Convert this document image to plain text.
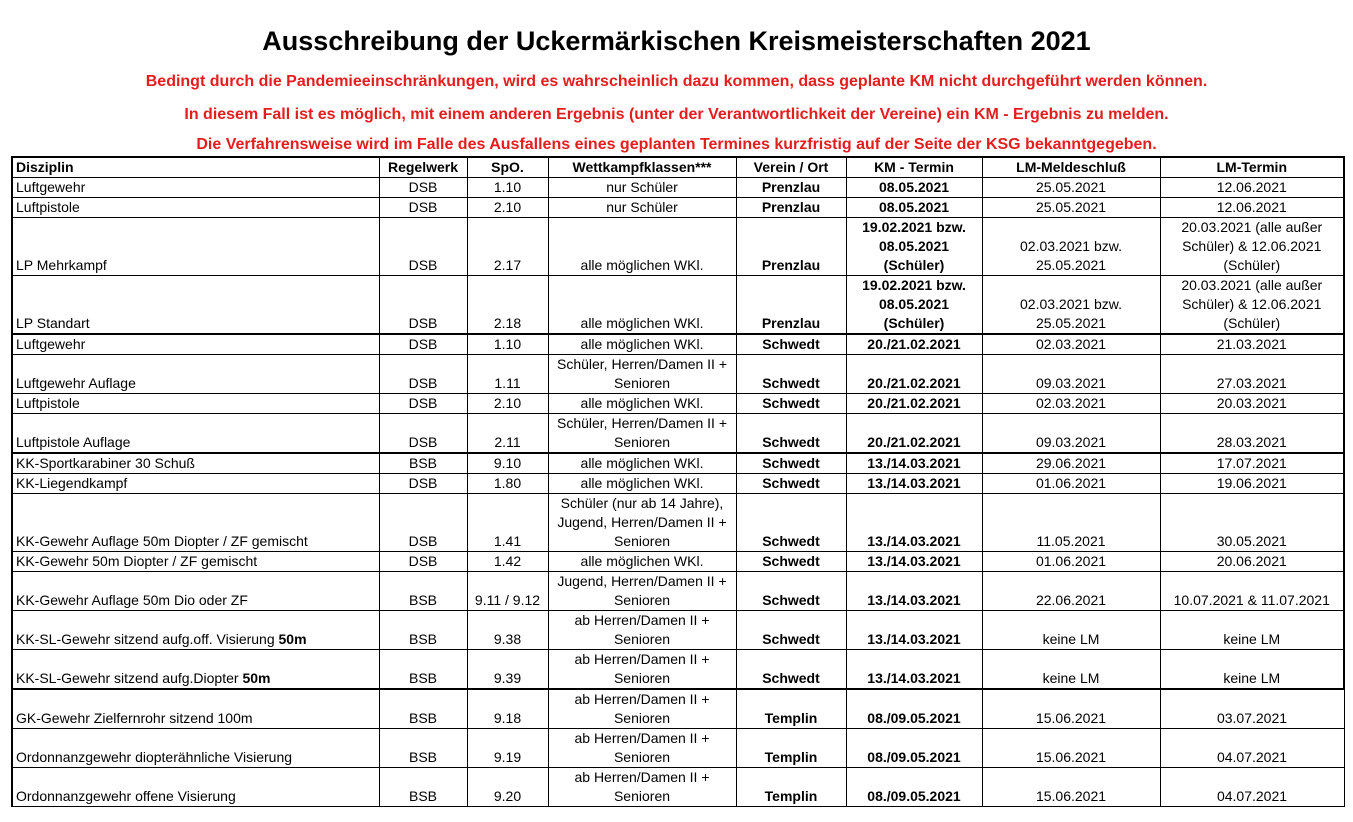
Ausschreibung der Uckermärkischen Kreismeisterschaften 2021
Bedingt durch die Pandemieeinschränkungen, wird es wahrscheinlich dazu kommen, dass geplante KM nicht durchgeführt werden können.
In diesem Fall ist es möglich, mit einem anderen Ergebnis (unter der Verantwortlichkeit der Vereine) ein KM - Ergebnis zu melden.
Die Verfahrensweise wird im Falle des Ausfallens eines geplanten Termines kurzfristig auf der Seite der KSG bekanntgegeben.
Disziplin	Regelwerk	SpO.	Wettkampfklassen***	Verein / Ort	KM - Termin	LM-Meldeschluß	LM-Termin
Luftgewehr	DSB	1.10	nur Schüler	Prenzlau	08.05.2021	25.05.2021	12.06.2021
Luftpistole	DSB	2.10	nur Schüler	Prenzlau	08.05.2021	25.05.2021	12.06.2021
LP Mehrkampf	DSB	2.17	alle möglichen WKl.	Prenzlau	19.02.2021 bzw. 08.05.2021 (Schüler)	02.03.2021 bzw. 25.05.2021	20.03.2021 (alle außer Schüler) & 12.06.2021 (Schüler)
LP Standart	DSB	2.18	alle möglichen WKl.	Prenzlau	19.02.2021 bzw. 08.05.2021 (Schüler)	02.03.2021 bzw. 25.05.2021	20.03.2021 (alle außer Schüler) & 12.06.2021 (Schüler)
Luftgewehr	DSB	1.10	alle möglichen WKl.	Schwedt	20./21.02.2021	02.03.2021	21.03.2021
Luftgewehr Auflage	DSB	1.11	Schüler, Herren/Damen II + Senioren	Schwedt	20./21.02.2021	09.03.2021	27.03.2021
Luftpistole	DSB	2.10	alle möglichen WKl.	Schwedt	20./21.02.2021	02.03.2021	20.03.2021
Luftpistole Auflage	DSB	2.11	Schüler, Herren/Damen II + Senioren	Schwedt	20./21.02.2021	09.03.2021	28.03.2021
KK-Sportkarabiner 30 Schuß	BSB	9.10	alle möglichen WKl.	Schwedt	13./14.03.2021	29.06.2021	17.07.2021
KK-Liegendkampf	DSB	1.80	alle möglichen WKl.	Schwedt	13./14.03.2021	01.06.2021	19.06.2021
KK-Gewehr Auflage 50m Diopter / ZF gemischt	DSB	1.41	Schüler (nur ab 14 Jahre), Jugend, Herren/Damen II + Senioren	Schwedt	13./14.03.2021	11.05.2021	30.05.2021
KK-Gewehr 50m Diopter / ZF gemischt	DSB	1.42	alle möglichen WKl.	Schwedt	13./14.03.2021	01.06.2021	20.06.2021
KK-Gewehr Auflage 50m Dio oder ZF	BSB	9.11 / 9.12	Jugend, Herren/Damen II + Senioren	Schwedt	13./14.03.2021	22.06.2021	10.07.2021 & 11.07.2021
KK-SL-Gewehr sitzend aufg.off. Visierung 50m	BSB	9.38	ab Herren/Damen II + Senioren	Schwedt	13./14.03.2021	keine LM	keine LM
KK-SL-Gewehr sitzend aufg.Diopter 50m	BSB	9.39	ab Herren/Damen II + Senioren	Schwedt	13./14.03.2021	keine LM	keine LM
GK-Gewehr Zielfernrohr sitzend 100m	BSB	9.18	ab Herren/Damen II + Senioren	Templin	08./09.05.2021	15.06.2021	03.07.2021
Ordonnanzgewehr diopterähnliche Visierung	BSB	9.19	ab Herren/Damen II + Senioren	Templin	08./09.05.2021	15.06.2021	04.07.2021
Ordonnanzgewehr offene Visierung	BSB	9.20	ab Herren/Damen II + Senioren	Templin	08./09.05.2021	15.06.2021	04.07.2021
